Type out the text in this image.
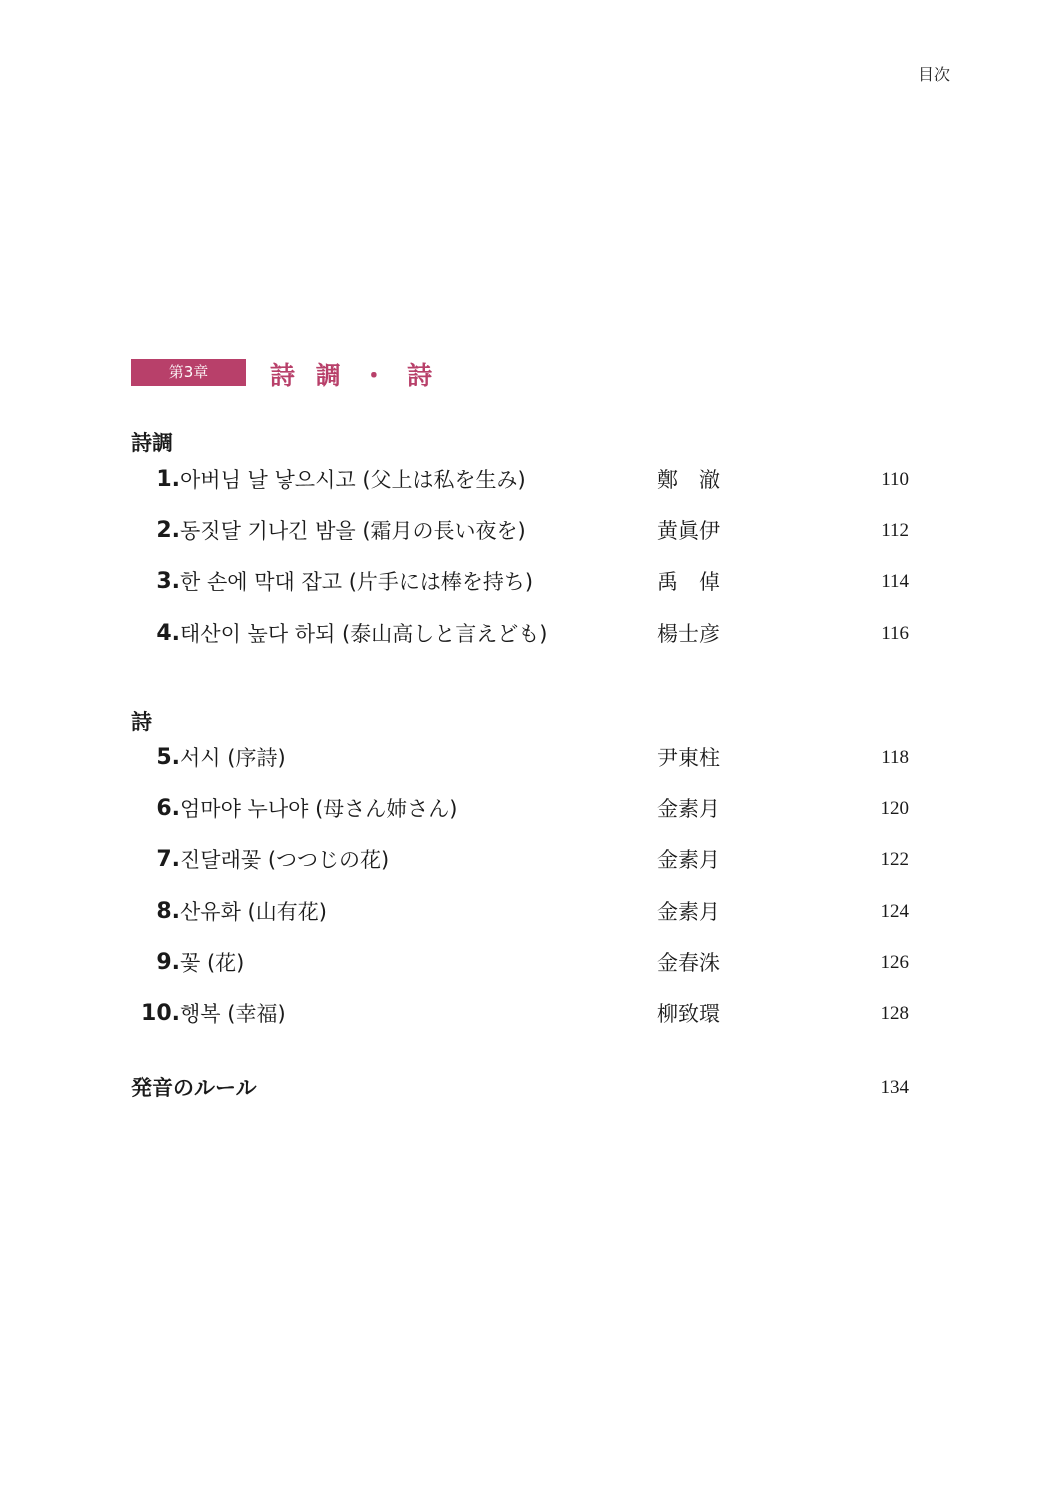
目次
第3章	詩 調 ・ 詩
詩調
1. 아버님 날 낳으시고 (父上は私を生み)	鄭　澈	110
2. 동짓달 기나긴 밤을 (霜月の長い夜を)	黄眞伊	112
3. 한 손에 막대 잡고 (片手には棒を持ち)	禹　倬	114
4. 태산이 높다 하되 (泰山高しと言えども)	楊士彦	116
詩
5. 서시 (序詩)	尹東柱	118
6. 엄마야 누나야 (母さん姉さん)	金素月	120
7. 진달래꽃 (つつじの花)	金素月	122
8. 산유화 (山有花)	金素月	124
9. 꽃 (花)	金春洙	126
10. 행복 (幸福)	柳致環	128
発音のルール	134
